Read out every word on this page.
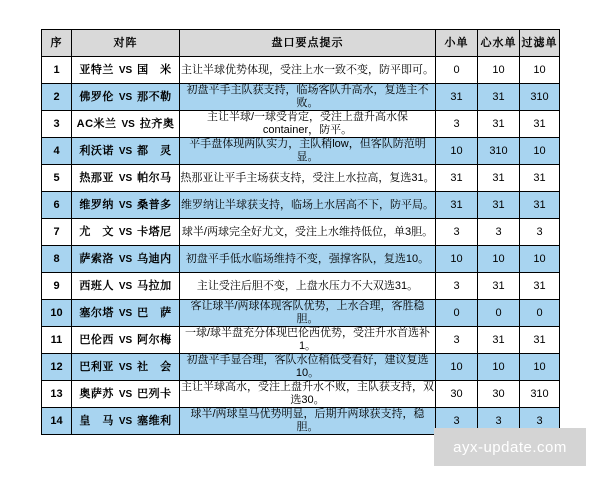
序	对阵	盘口要点提示	小单	心水单	过滤单
1	亚特兰 VS 国　米	主让半球优势体现，受注上水一致不变，防平即可。	0	10	10
2	佛罗伦 VS 那不勒	初盘平手主队获支持，临场客队升高水，复选主不败。	31	31	310
3	AC米兰 VS 拉齐奥	主让半球/一球受肯定，受注上盘升高水保container，防平。	3	31	31
4	利沃诺 VS 都　灵	平手盘体现两队实力，主队稍low，但客队防范明显。	10	310	10
5	热那亚 VS 帕尔马	热那亚让平手主场获支持，受注上水拉高，复选31。	31	31	31
6	维罗纳 VS 桑普多	维罗纳让半球获支持，临场上水居高不下，防平局。	31	31	31
7	尤　文 VS 卡塔尼	球半/两球完全好尤文，受注上水维持低位，单3胆。	3	3	3
8	萨索洛 VS 乌迪内	初盘平手低水临场维持不变，强撑客队，复选10。	10	10	10
9	西班人 VS 马拉加	主让受注后胆不变，上盘水压力不大双选31。	3	31	31
10	塞尔塔 VS 巴　萨	客让球半/两球体现客队优势，上水合理，客胜稳胆。	0	0	0
11	巴伦西 VS 阿尔梅	一球/球半盘充分体现巴伦西优势，受注升水首选补1。	3	31	31
12	巴利亚 VS 社　会	初盘平手显合理，客队水位稍低受看好，建议复选10。	10	10	10
13	奥萨苏 VS 巴列卡	主让半球高水，受注上盘升水不败，主队获支持，双选30。	30	30	310
14	皇　马 VS 塞维利	球半/两球皇马优势明显，后期升两球获支持，稳胆。	3	3	3
ayx-update.com
